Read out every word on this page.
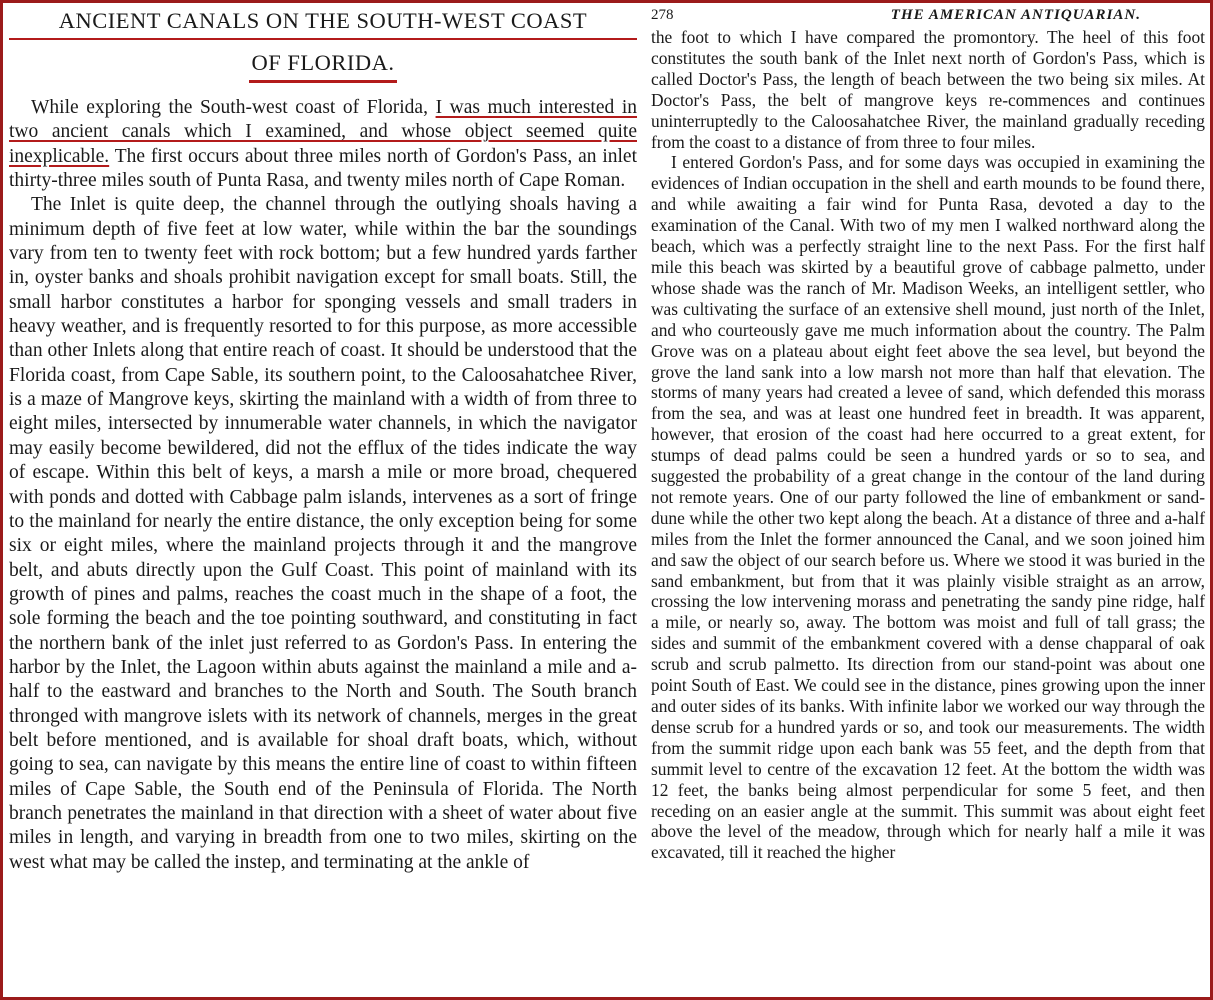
ANCIENT CANALS ON THE SOUTH-WEST COAST
OF FLORIDA.

While exploring the South-west coast of Florida, I was much interested in two ancient canals which I examined, and whose object seemed quite inexplicable. The first occurs about three miles north of Gordon's Pass, an inlet thirty-three miles south of Punta Rasa, and twenty miles north of Cape Roman.

The Inlet is quite deep, the channel through the outlying shoals having a minimum depth of five feet at low water, while within the bar the soundings vary from ten to twenty feet with rock bottom; but a few hundred yards farther in, oyster banks and shoals prohibit navigation except for small boats. Still, the small harbor constitutes a harbor for sponging vessels and small traders in heavy weather, and is frequently resorted to for this purpose, as more accessible than other Inlets along that entire reach of coast. It should be understood that the Florida coast, from Cape Sable, its southern point, to the Caloosahatchee River, is a maze of Mangrove keys, skirting the mainland with a width of from three to eight miles, intersected by innumerable water channels, in which the navigator may easily become bewildered, did not the efflux of the tides indicate the way of escape. Within this belt of keys, a marsh a mile or more broad, chequered with ponds and dotted with Cabbage palm islands, intervenes as a sort of fringe to the mainland for nearly the entire distance, the only exception being for some six or eight miles, where the mainland projects through it and the mangrove belt, and abuts directly upon the Gulf Coast. This point of mainland with its growth of pines and palms, reaches the coast much in the shape of a foot, the sole forming the beach and the toe pointing southward, and constituting in fact the northern bank of the inlet just referred to as Gordon's Pass. In entering the harbor by the Inlet, the Lagoon within abuts against the mainland a mile and a-half to the eastward and branches to the North and South. The South branch thronged with mangrove islets with its network of channels, merges in the great belt before mentioned, and is available for shoal draft boats, which, without going to sea, can navigate by this means the entire line of coast to within fifteen miles of Cape Sable, the South end of the Peninsula of Florida. The North branch penetrates the mainland in that direction with a sheet of water about five miles in length, and varying in breadth from one to two miles, skirting on the west what may be called the instep, and terminating at the ankle of

278	THE AMERICAN ANTIQUARIAN.

the foot to which I have compared the promontory. The heel of this foot constitutes the south bank of the Inlet next north of Gordon's Pass, which is called Doctor's Pass, the length of beach between the two being six miles. At Doctor's Pass, the belt of mangrove keys re-commences and continues uninterruptedly to the Caloosahatchee River, the mainland gradually receding from the coast to a distance of from three to four miles.

I entered Gordon's Pass, and for some days was occupied in examining the evidences of Indian occupation in the shell and earth mounds to be found there, and while awaiting a fair wind for Punta Rasa, devoted a day to the examination of the Canal. With two of my men I walked northward along the beach, which was a perfectly straight line to the next Pass. For the first half mile this beach was skirted by a beautiful grove of cabbage palmetto, under whose shade was the ranch of Mr. Madison Weeks, an intelligent settler, who was cultivating the surface of an extensive shell mound, just north of the Inlet, and who courteously gave me much information about the country. The Palm Grove was on a plateau about eight feet above the sea level, but beyond the grove the land sank into a low marsh not more than half that elevation. The storms of many years had created a levee of sand, which defended this morass from the sea, and was at least one hundred feet in breadth. It was apparent, however, that erosion of the coast had here occurred to a great extent, for stumps of dead palms could be seen a hundred yards or so to sea, and suggested the probability of a great change in the contour of the land during not remote years. One of our party followed the line of embankment or sand-dune while the other two kept along the beach. At a distance of three and a-half miles from the Inlet the former announced the Canal, and we soon joined him and saw the object of our search before us. Where we stood it was buried in the sand embankment, but from that it was plainly visible straight as an arrow, crossing the low intervening morass and penetrating the sandy pine ridge, half a mile, or nearly so, away. The bottom was moist and full of tall grass; the sides and summit of the embankment covered with a dense chapparal of oak scrub and scrub palmetto. Its direction from our stand-point was about one point South of East. We could see in the distance, pines growing upon the inner and outer sides of its banks. With infinite labor we worked our way through the dense scrub for a hundred yards or so, and took our measurements. The width from the summit ridge upon each bank was 55 feet, and the depth from that summit level to centre of the excavation 12 feet. At the bottom the width was 12 feet, the banks being almost perpendicular for some 5 feet, and then receding on an easier angle at the summit. This summit was about eight feet above the level of the meadow, through which for nearly half a mile it was excavated, till it reached the higher
